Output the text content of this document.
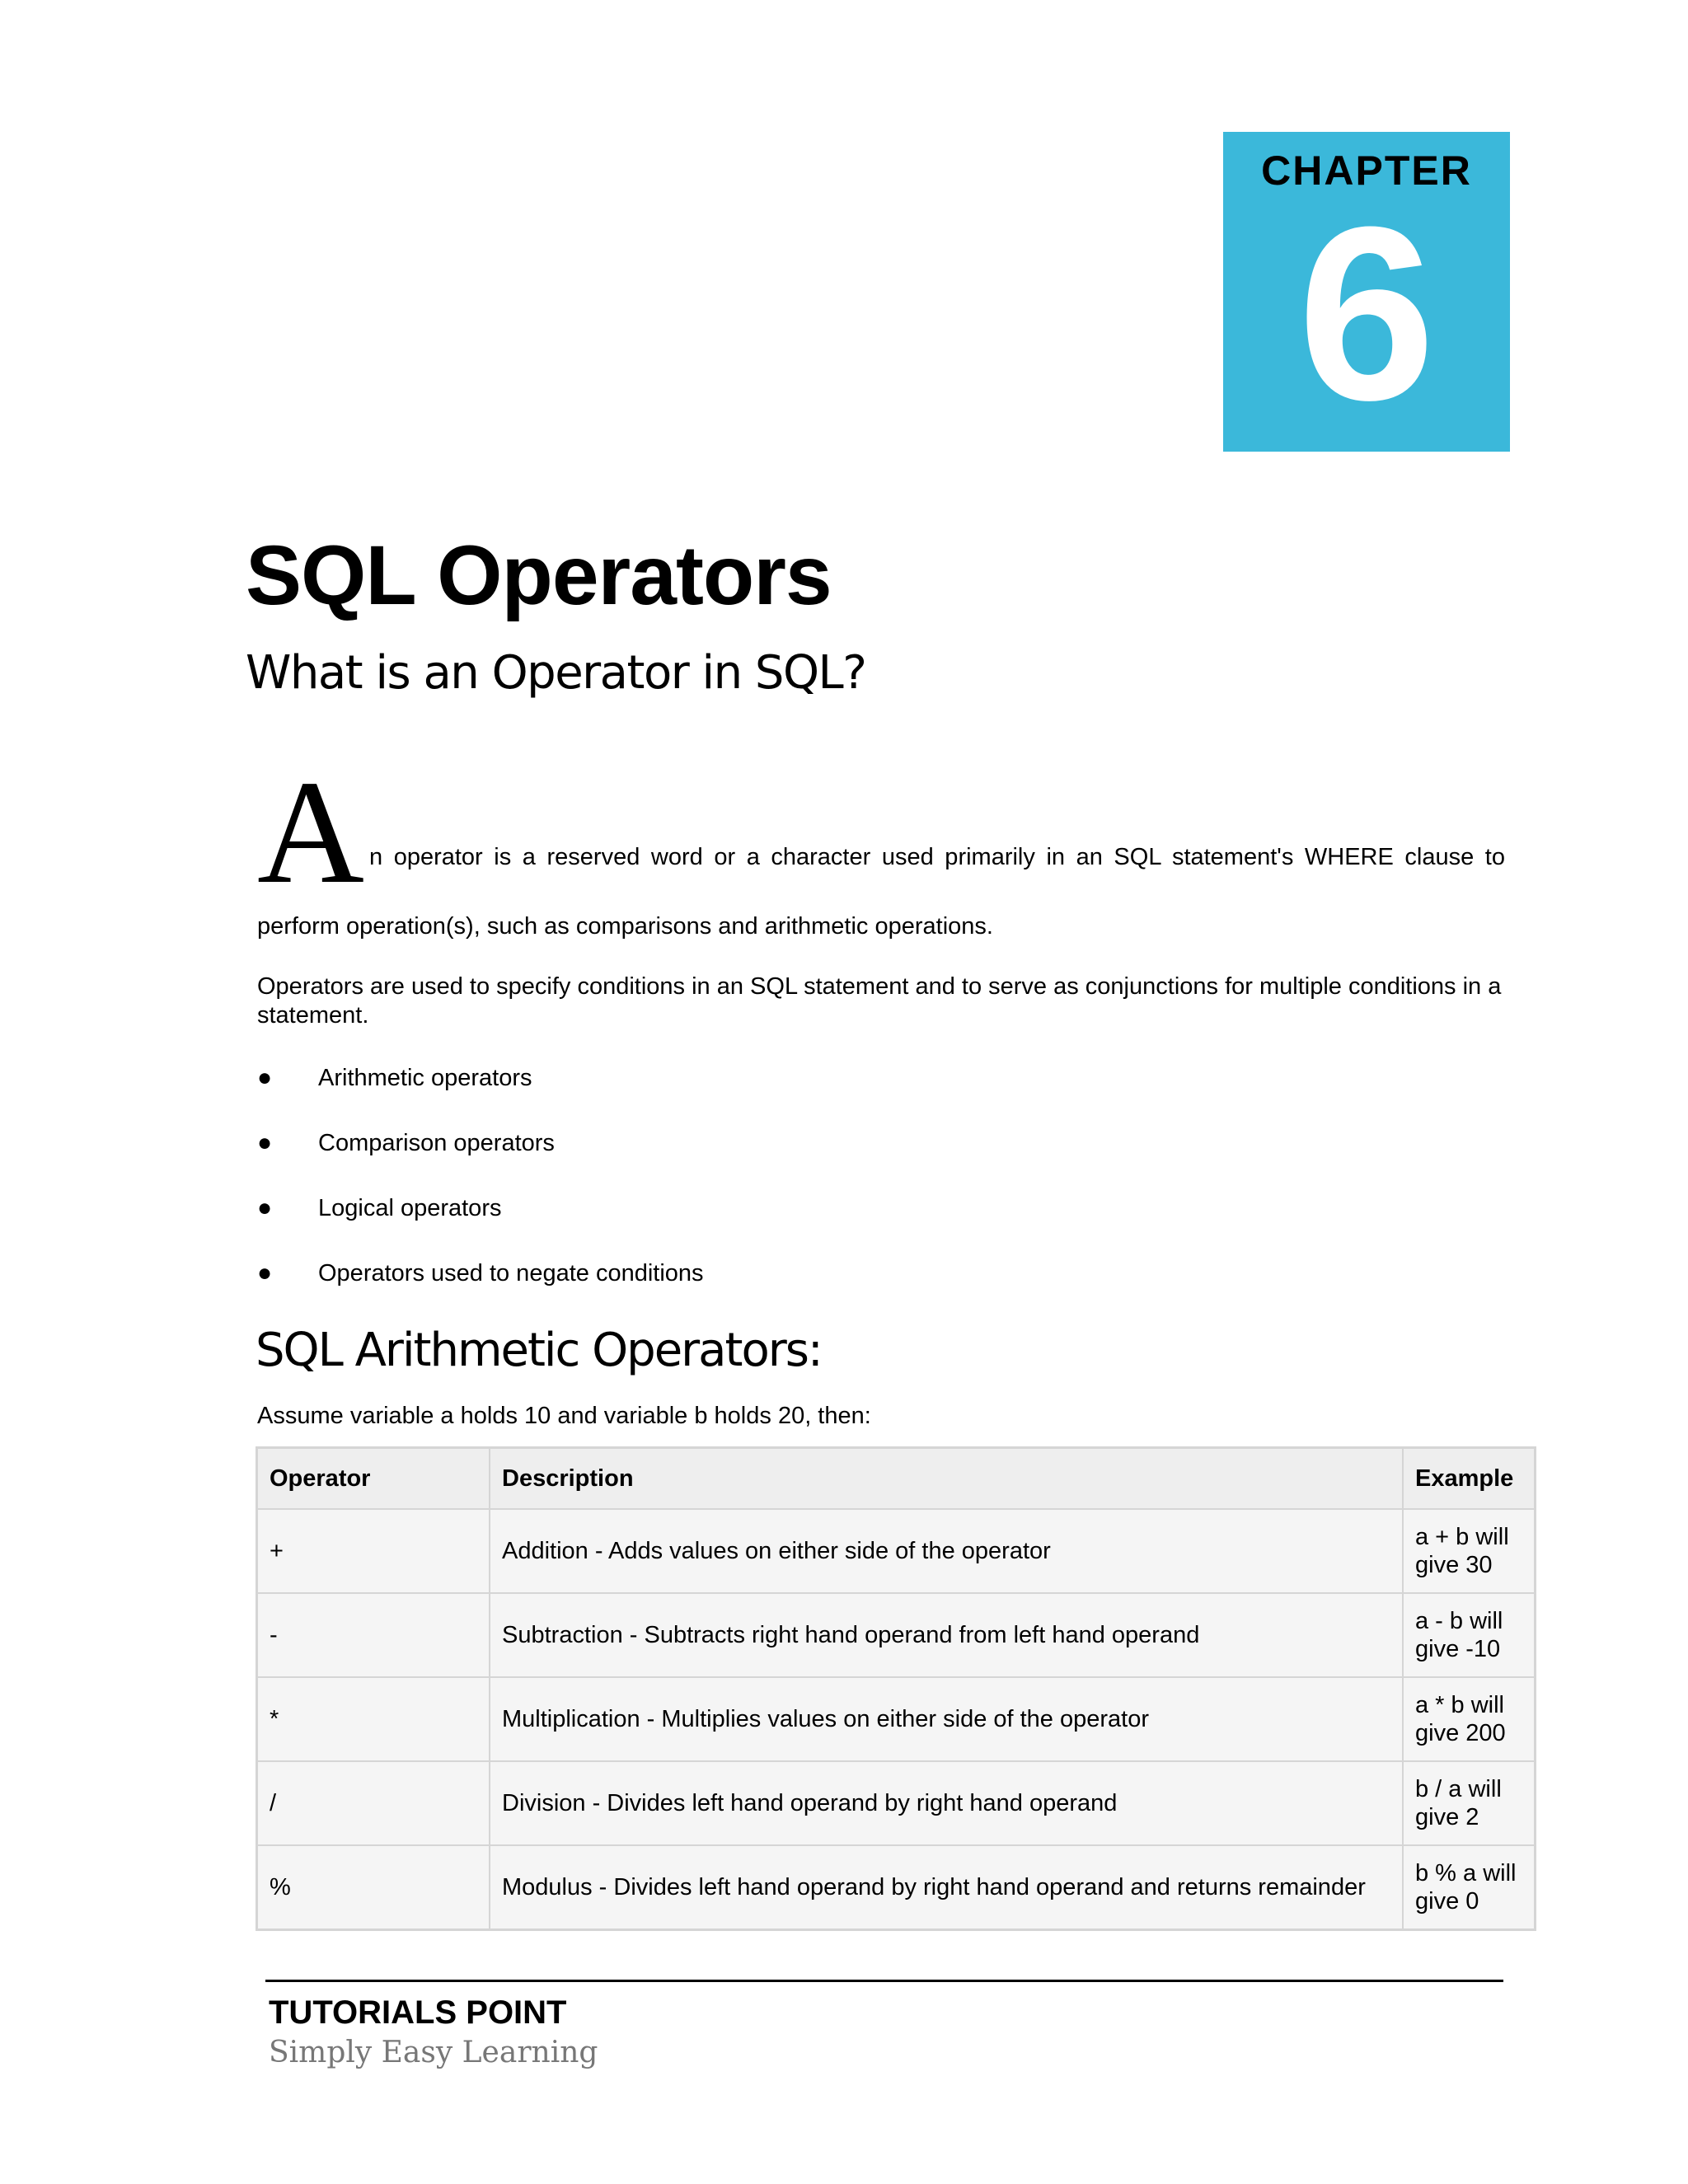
CHAPTER
6
SQL Operators
What is an Operator in SQL?
A n operator is a reserved word or a character used primarily in an SQL statement's WHERE clause to
perform operation(s), such as comparisons and arithmetic operations.

Operators are used to specify conditions in an SQL statement and to serve as conjunctions for multiple conditions in a statement.

● Arithmetic operators
● Comparison operators
● Logical operators
● Operators used to negate conditions
SQL Arithmetic Operators:

Assume variable a holds 10 and variable b holds 20, then:

Operator	Description	Example
+	Addition - Adds values on either side of the operator	a + b will
give 30

-	Subtraction - Subtracts right hand operand from left hand operand	a - b will
give -10

*	Multiplication - Multiplies values on either side of the operator	a * b will
give 200

/	Division - Divides left hand operand by right hand operand	b / a will
give 2

%	Modulus - Divides left hand operand by right hand operand and returns remainder	b % a will
give 0
TUTORIALS POINT
Simply Easy Learning
